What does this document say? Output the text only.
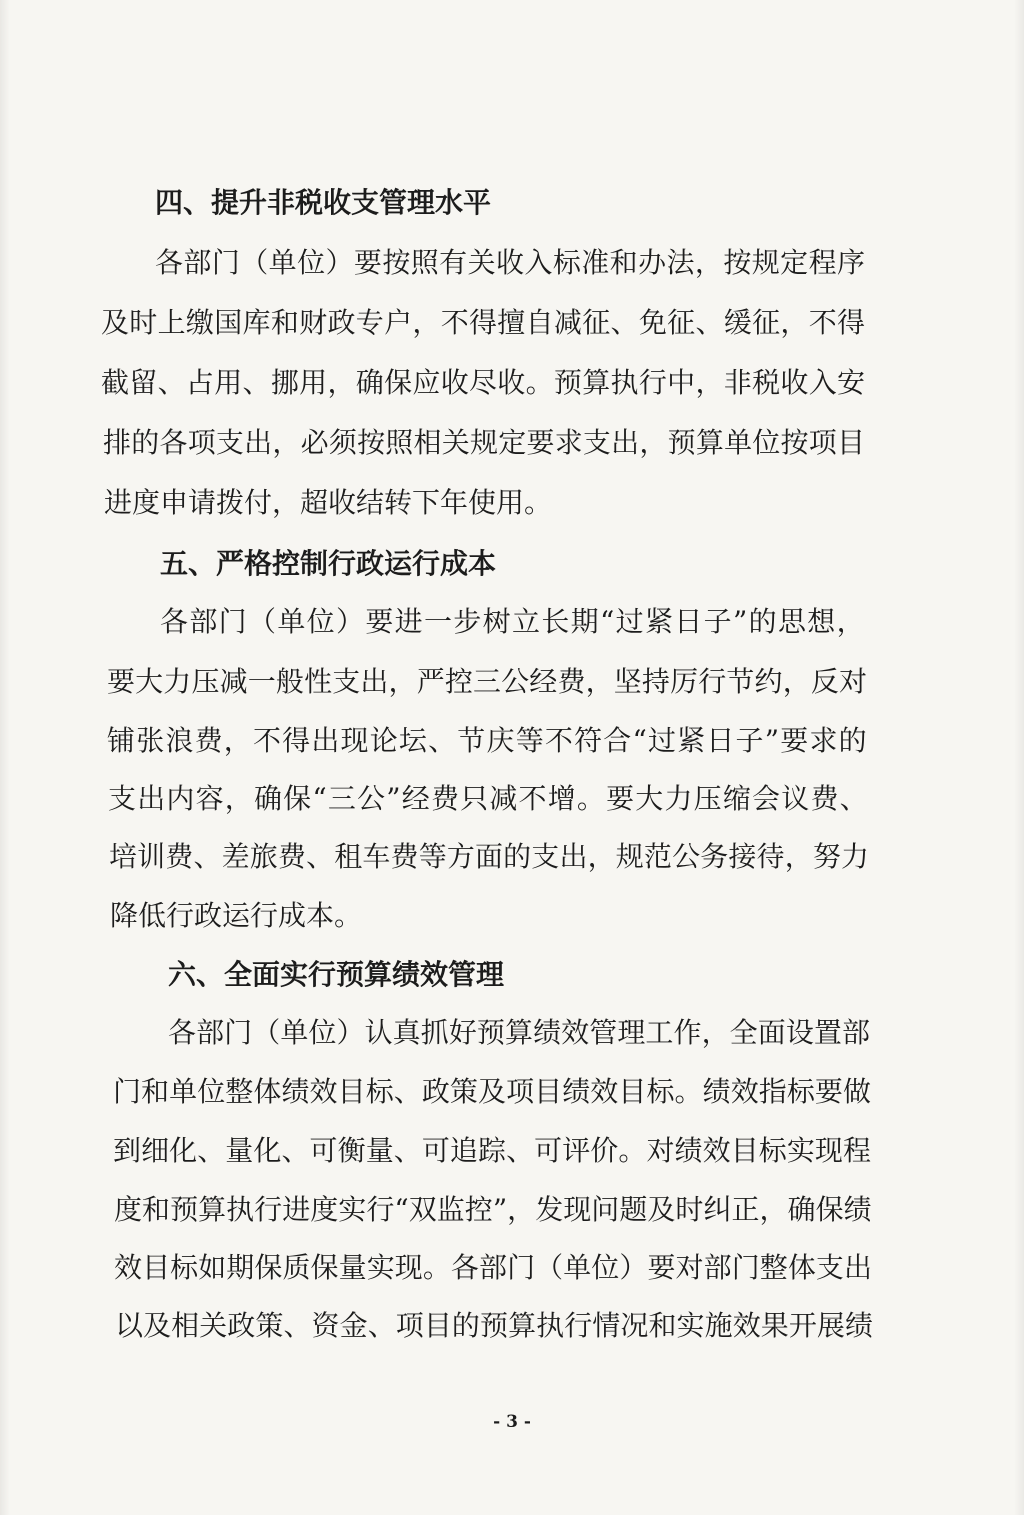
四、提升非税收支管理水平

各部门（单位）要按照有关收入标准和办法，按规定程序

及时上缴国库和财政专户，不得擅自减征、免征、缓征，不得

截留、占用、挪用，确保应收尽收。预算执行中，非税收入安

排的各项支出，必须按照相关规定要求支出，预算单位按项目

进度申请拨付，超收结转下年使用。

五、严格控制行政运行成本

各部门（单位）要进一步树立长期“过紧日子”的思想，

要大力压减一般性支出，严控三公经费，坚持厉行节约，反对

铺张浪费，不得出现论坛、节庆等不符合“过紧日子”要求的

支出内容，确保“三公”经费只减不增。要大力压缩会议费、

培训费、差旅费、租车费等方面的支出，规范公务接待，努力

降低行政运行成本。

六、全面实行预算绩效管理

各部门（单位）认真抓好预算绩效管理工作，全面设置部

门和单位整体绩效目标、政策及项目绩效目标。绩效指标要做

到细化、量化、可衡量、可追踪、可评价。对绩效目标实现程

度和预算执行进度实行“双监控”，发现问题及时纠正，确保绩

效目标如期保质保量实现。各部门（单位）要对部门整体支出

以及相关政策、资金、项目的预算执行情况和实施效果开展绩

- 3 -
